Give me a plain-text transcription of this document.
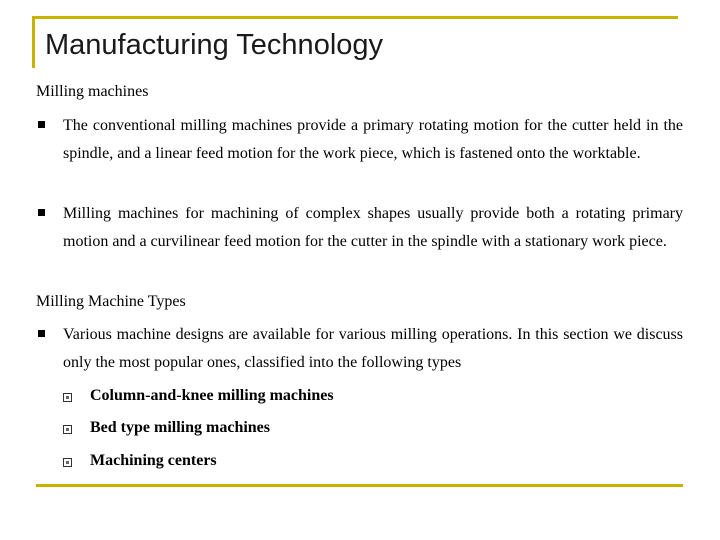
Manufacturing Technology
Milling machines
The conventional milling machines provide a primary rotating motion for the cutter held in the spindle, and a linear feed motion for the work piece, which is fastened onto the worktable.
Milling machines for machining of complex shapes usually provide both a rotating primary motion and a curvilinear feed motion for the cutter in the spindle with a stationary work piece.
Milling Machine Types
Various machine designs are available for various milling operations. In this section we discuss only the most popular ones, classified into the following types
Column-and-knee milling machines
Bed type milling machines
Machining centers
